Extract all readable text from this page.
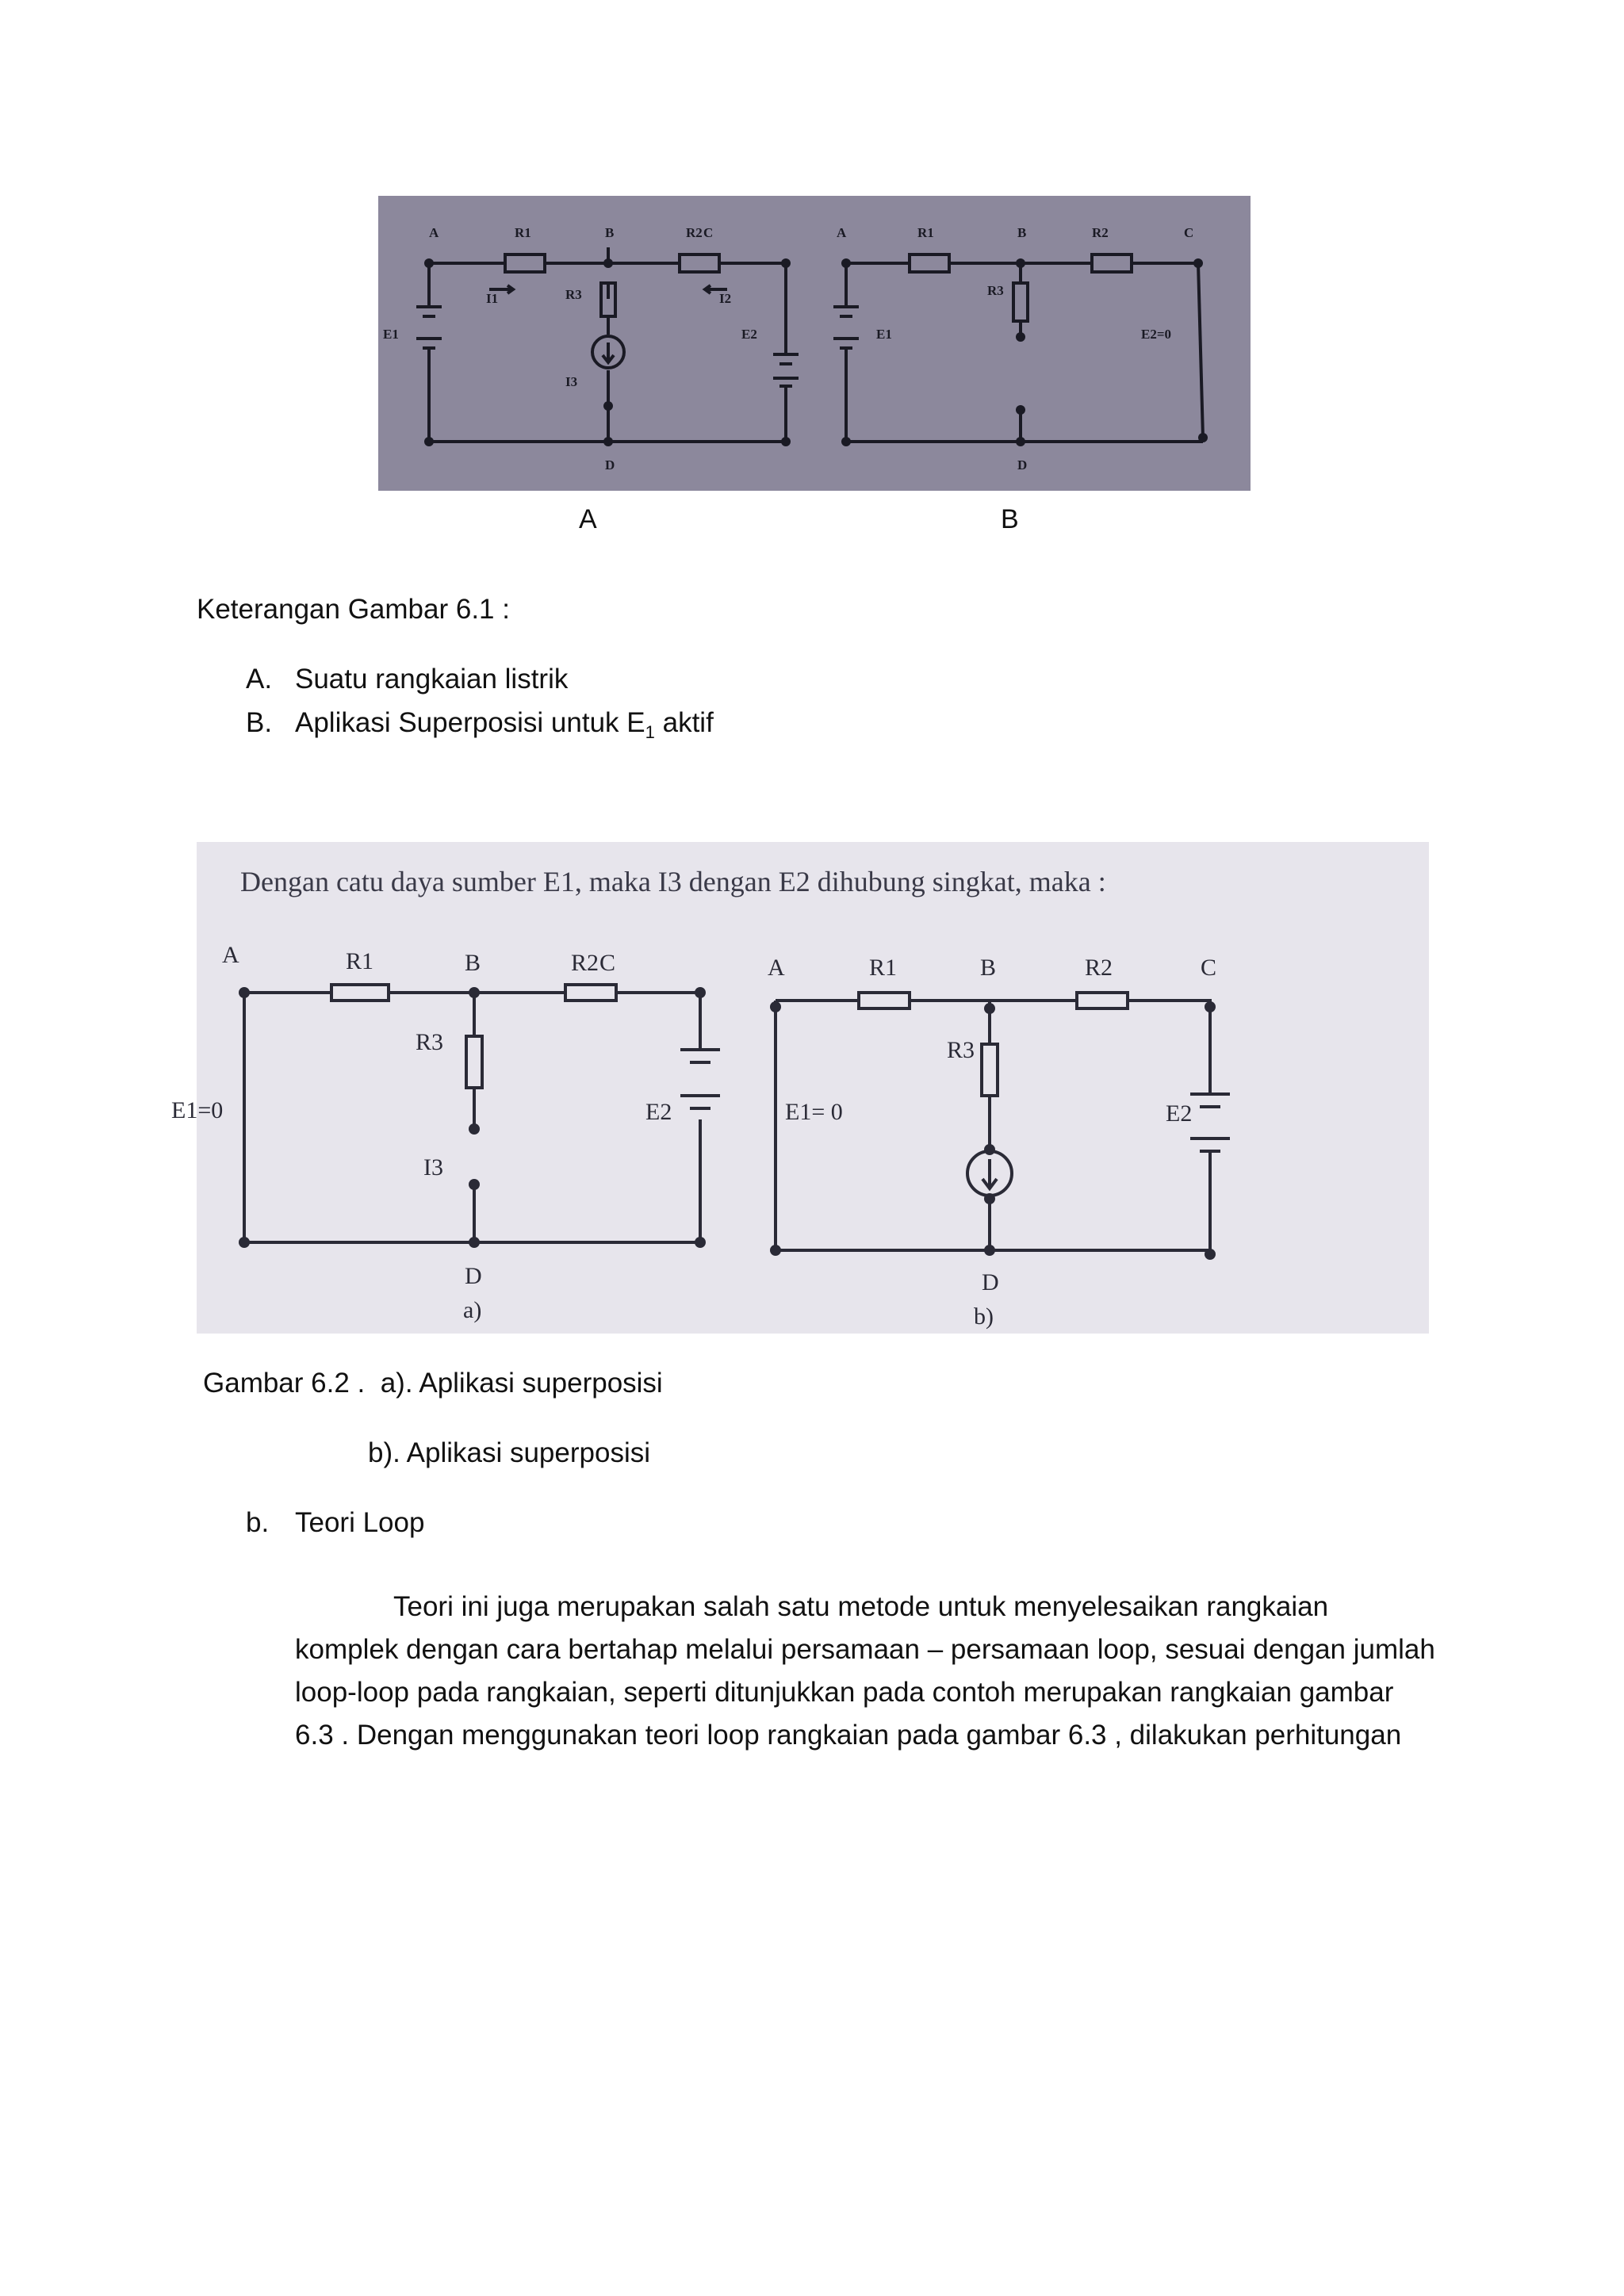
A	B	C
D
R1	R2
R3
I1	I2
I3
E1	E2
A	B	C
D
R1	R2
R3
E1	E2=0
A	B
Keterangan Gambar 6.1 :
A. Suatu rangkaian listrik
B. Aplikasi Superposisi untuk $E_1$ aktif
Dengan catu daya sumber E1, maka I3 dengan E2 dihubung singkat, maka :
A	B	C
D
R1	R2
R3
I3
E2
E1=0
a)
A	B	C
D
R1	R2
R3
E1= 0	E2
b)
Gambar 6.2 .  a). Aplikasi superposisi
b). Aplikasi superposisi
b. Teori Loop

Teori ini juga merupakan salah satu metode untuk menyelesaikan rangkaian

komplek dengan cara bertahap melalui persamaan – persamaan loop, sesuai dengan jumlah

loop-loop pada rangkaian, seperti ditunjukkan pada contoh merupakan rangkaian gambar

6.3 . Dengan menggunakan teori loop rangkaian pada gambar 6.3 , dilakukan perhitungan
